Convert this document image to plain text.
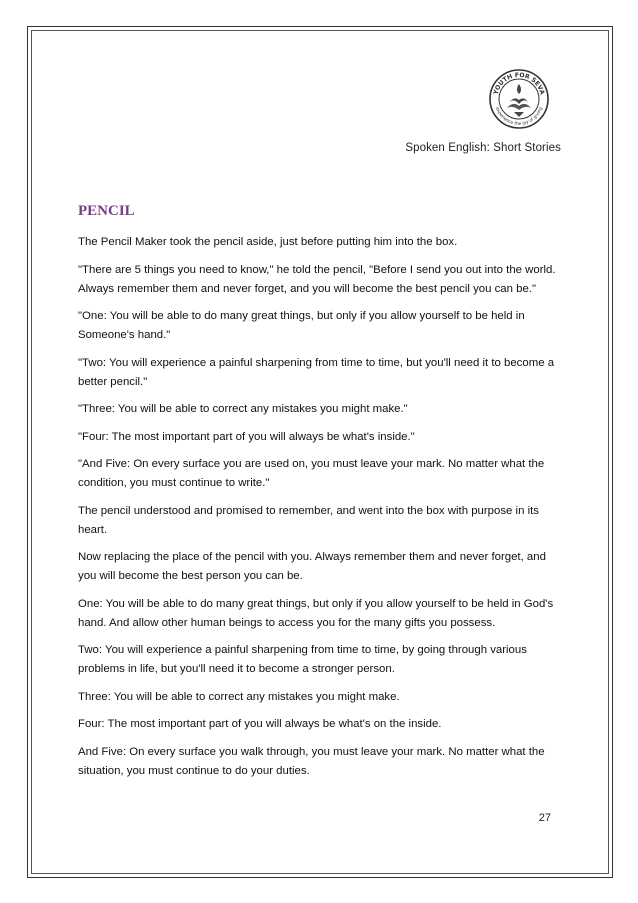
YOUTH FOR SEVA
experience the joy of giving
Spoken English: Short Stories
PENCIL

The Pencil Maker took the pencil aside, just before putting him into the box.

"There are 5 things you need to know," he told the pencil, "Before I send you out into the world. Always remember them and never forget, and you will become the best pencil you can be."

"One: You will be able to do many great things, but only if you allow yourself to be held in Someone's hand."

"Two: You will experience a painful sharpening from time to time, but you'll need it to become a better pencil."

"Three: You will be able to correct any mistakes you might make."

"Four: The most important part of you will always be what's inside."

"And Five: On every surface you are used on, you must leave your mark. No matter what the condition, you must continue to write."

The pencil understood and promised to remember, and went into the box with purpose in its heart.

Now replacing the place of the pencil with you. Always remember them and never forget, and you will become the best person you can be.

One: You will be able to do many great things, but only if you allow yourself to be held in God's hand. And allow other human beings to access you for the many gifts you possess.

Two: You will experience a painful sharpening from time to time, by going through various problems in life, but you'll need it to become a stronger person.

Three: You will be able to correct any mistakes you might make.

Four: The most important part of you will always be what's on the inside.

And Five: On every surface you walk through, you must leave your mark. No matter what the situation, you must continue to do your duties.

27
